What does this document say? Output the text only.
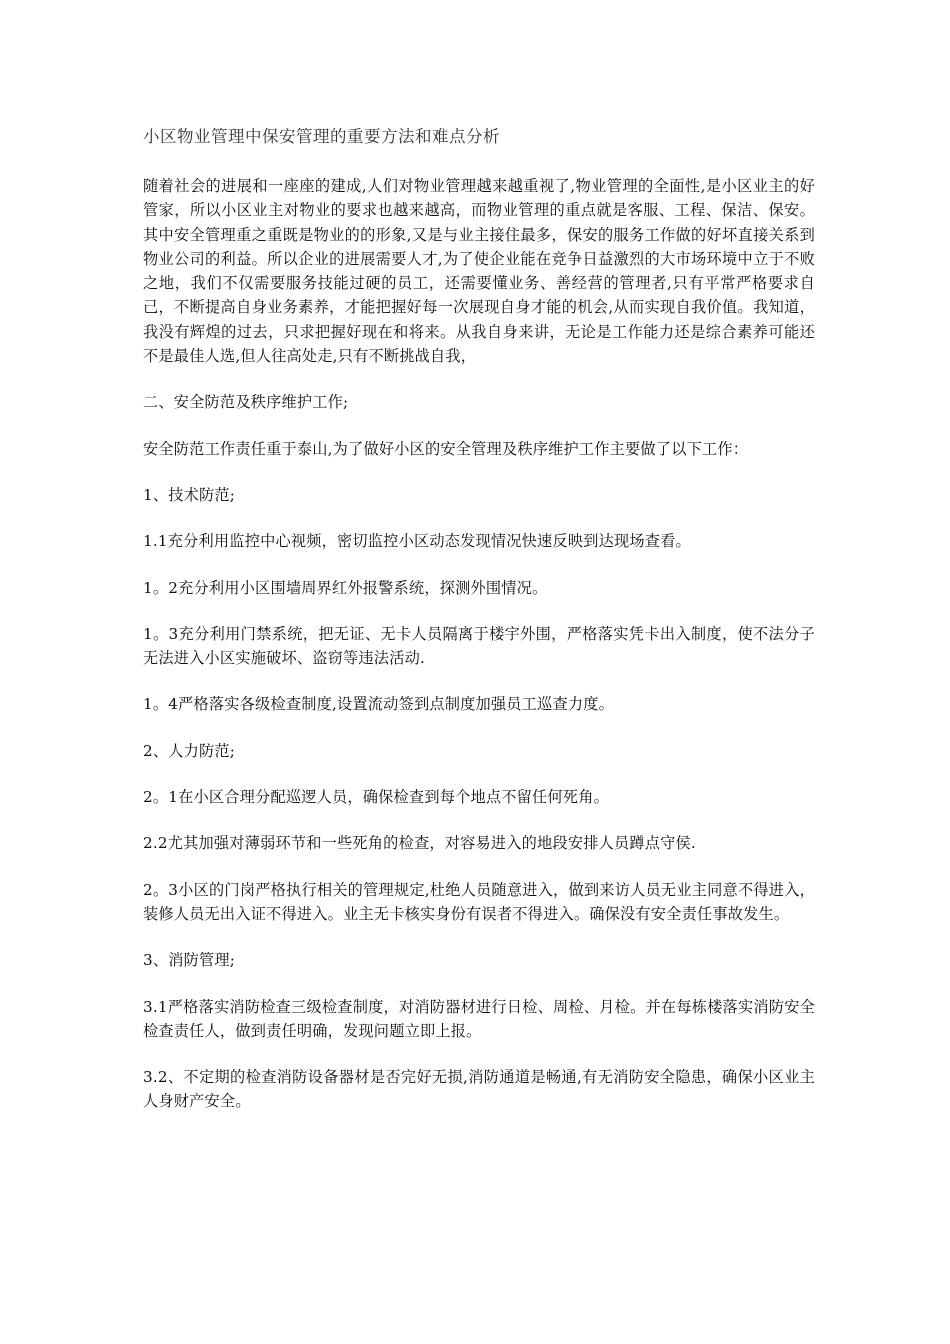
小区物业管理中保安管理的重要方法和难点分析

随着社会的进展和一座座的建成,人们对物业管理越来越重视了,物业管理的全面性,是小区业主的好管家，所以小区业主对物业的要求也越来越高，而物业管理的重点就是客服、工程、保洁、保安。其中安全管理重之重既是物业的的形象,又是与业主接住最多，保安的服务工作做的好坏直接关系到物业公司的利益。所以企业的进展需要人才,为了使企业能在竞争日益激烈的大市场环境中立于不败之地，我们不仅需要服务技能过硬的员工，还需要懂业务、善经营的管理者,只有平常严格要求自己，不断提高自身业务素养，才能把握好每一次展现自身才能的机会,从而实现自我价值。我知道，我没有辉煌的过去，只求把握好现在和将来。从我自身来讲，无论是工作能力还是综合素养可能还不是最佳人选,但人往高处走,只有不断挑战自我，

二、安全防范及秩序维护工作;

安全防范工作责任重于泰山,为了做好小区的安全管理及秩序维护工作主要做了以下工作：

1、技术防范;

1.1充分利用监控中心视频，密切监控小区动态发现情况快速反映到达现场查看。

1。2充分利用小区围墙周界红外报警系统，探测外围情况。

1。3充分利用门禁系统，把无证、无卡人员隔离于楼宇外围，严格落实凭卡出入制度，使不法分子无法进入小区实施破坏、盗窃等违法活动.

1。4严格落实各级检查制度,设置流动签到点制度加强员工巡查力度。

2、人力防范;

2。1在小区合理分配巡逻人员，确保检查到每个地点不留任何死角。

2.2尤其加强对薄弱环节和一些死角的检查，对容易进入的地段安排人员蹲点守侯.

2。3小区的门岗严格执行相关的管理规定,杜绝人员随意进入，做到来访人员无业主同意不得进入，装修人员无出入证不得进入。业主无卡核实身份有误者不得进入。确保没有安全责任事故发生。

3、消防管理;

3.1严格落实消防检查三级检查制度，对消防器材进行日检、周检、月检。并在每栋楼落实消防安全检查责任人，做到责任明确，发现问题立即上报。

3.2、不定期的检查消防设备器材是否完好无损,消防通道是畅通,有无消防安全隐患，确保小区业主人身财产安全。
